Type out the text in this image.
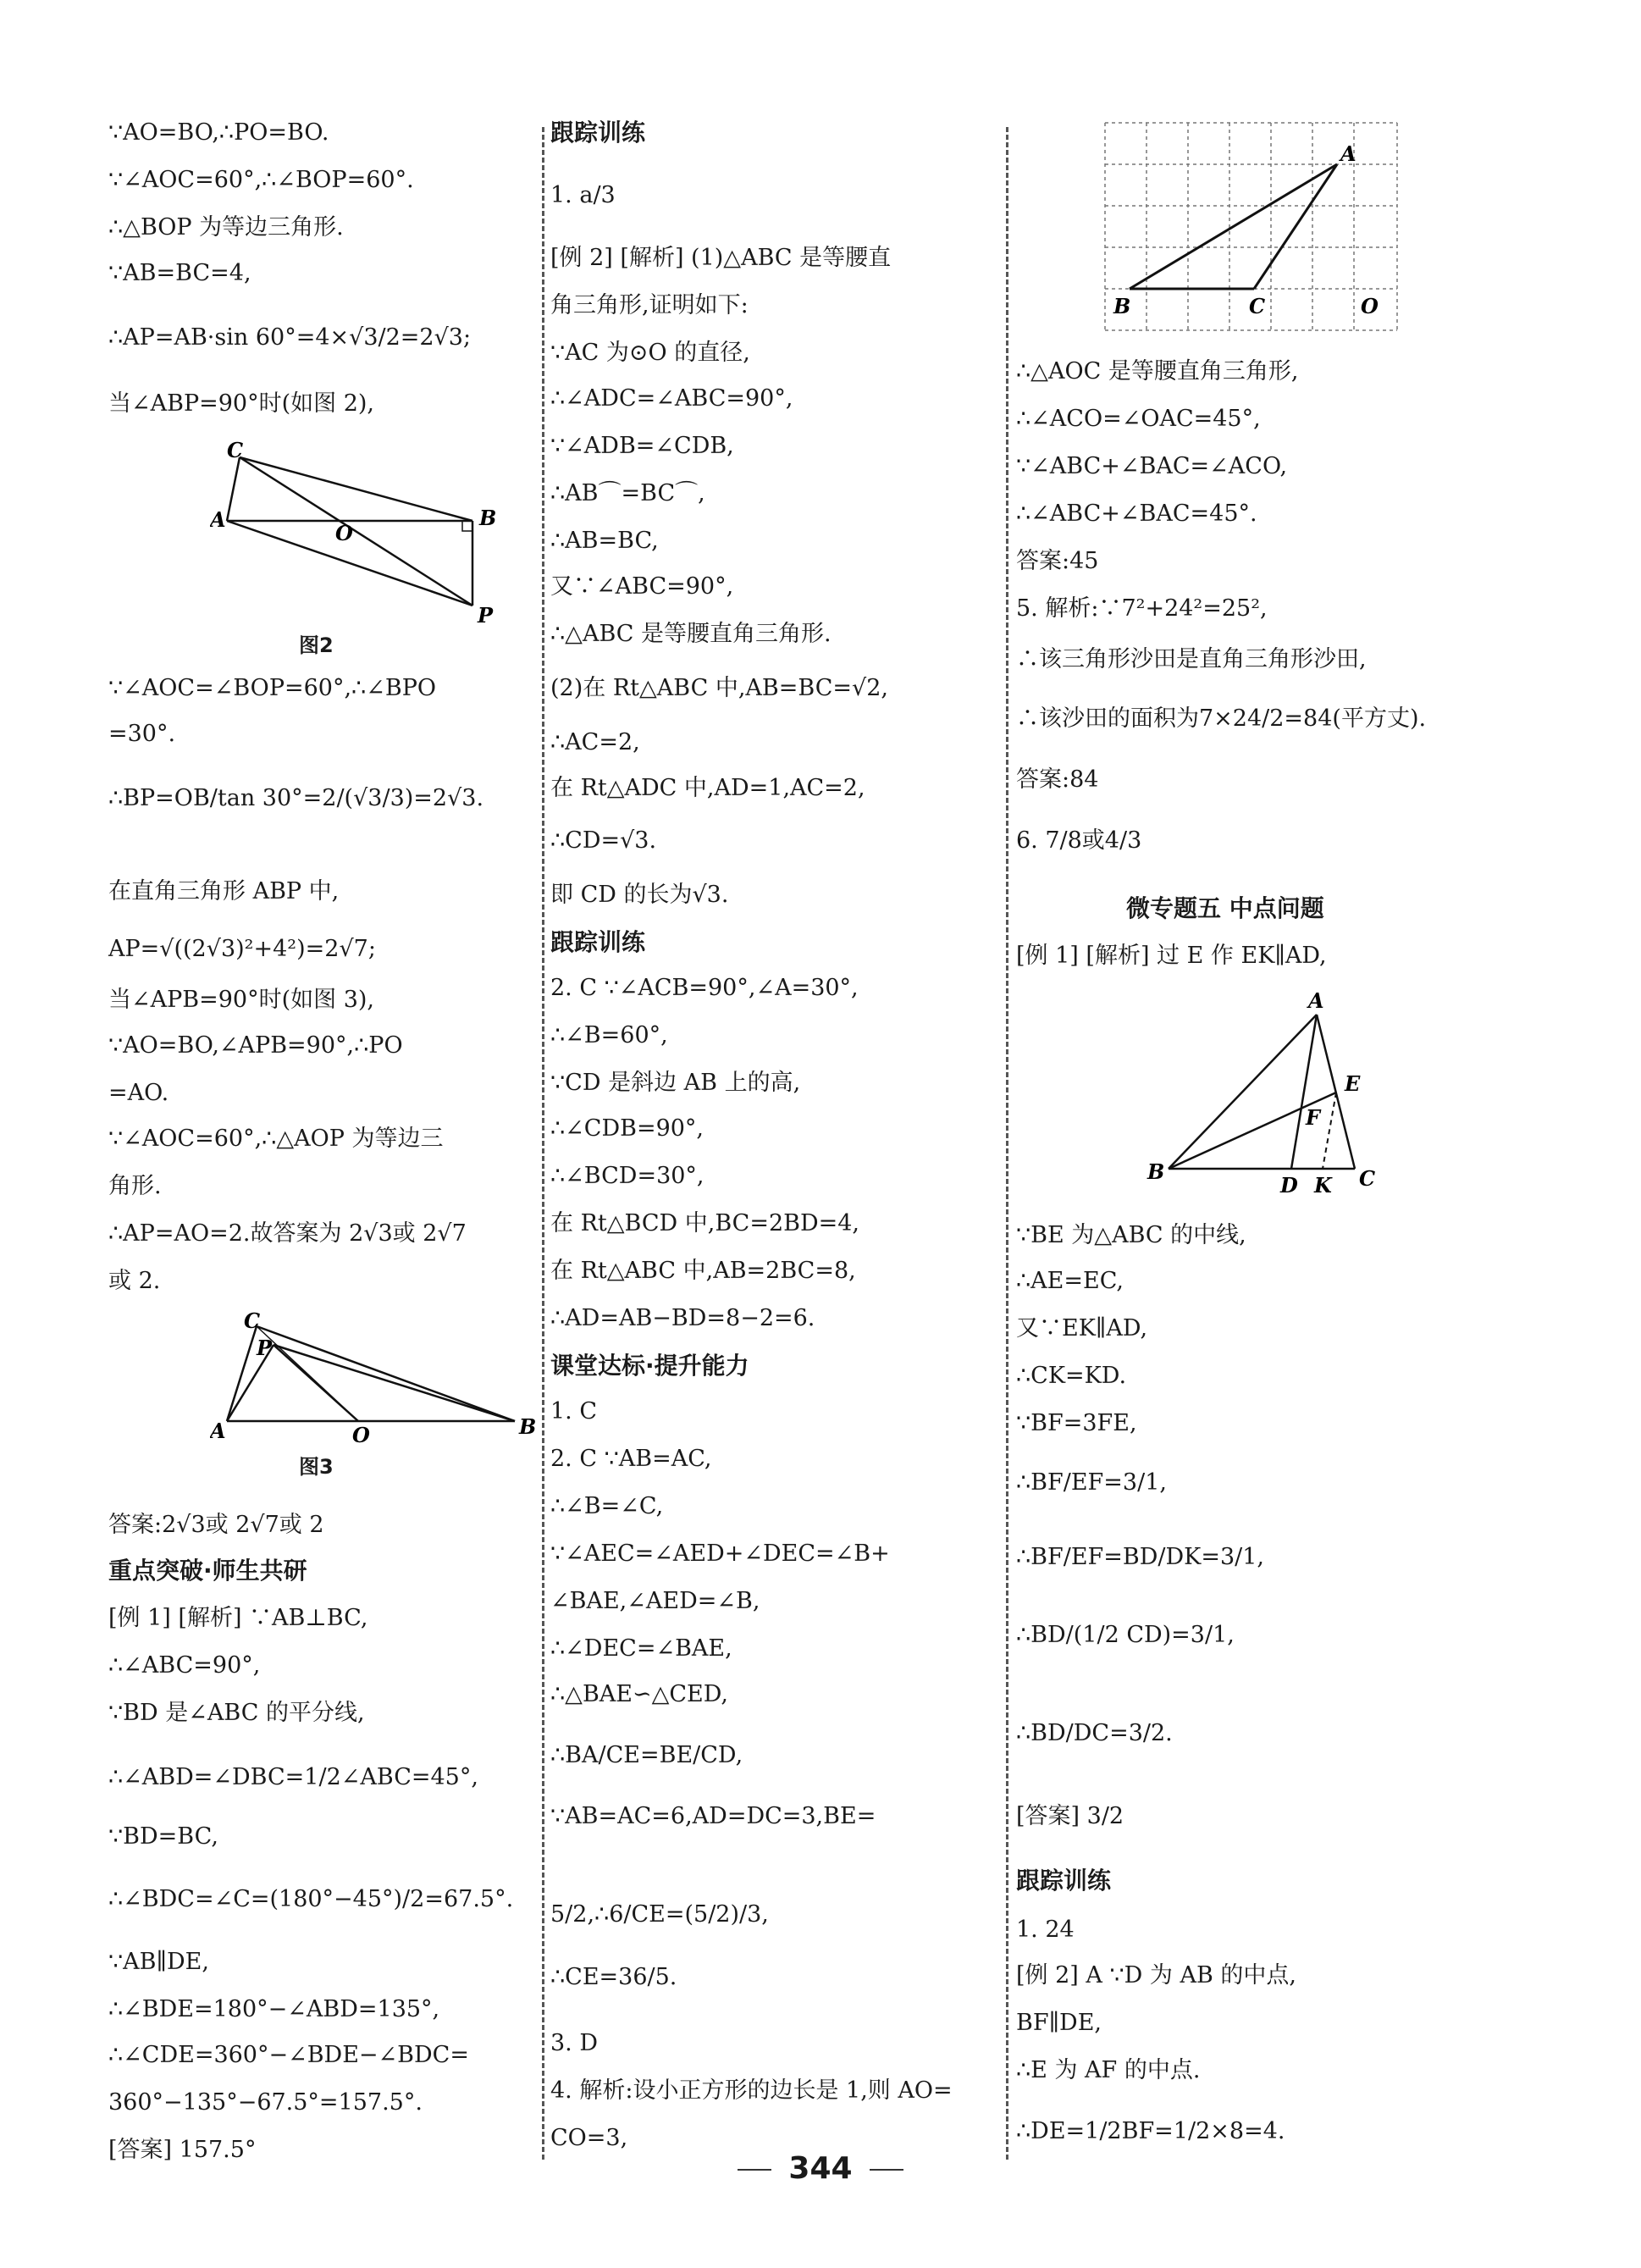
∵AO=BO,∴PO=BO.
∵∠AOC=60°,∴∠BOP=60°.
∴△BOP 为等边三角形.
∵AB=BC=4,
∴AP=AB·sin 60°=4×√3/2=2√3;
当∠ABP=90°时(如图 2),
C
A
O
B
P
图2
∵∠AOC=∠BOP=60°,∴∠BPO
=30°.
∴BP=OB/tan 30°=2/(√3/3)=2√3.
在直角三角形 ABP 中,
AP=√((2√3)²+4²)=2√7;
当∠APB=90°时(如图 3),
∵AO=BO,∠APB=90°,∴PO
=AO.
∵∠AOC=60°,∴△AOP 为等边三
角形.
∴AP=AO=2.故答案为 2√3或 2√7
或 2.
C
P
A	O	B
图3
答案:2√3或 2√7或 2
重点突破·师生共研
[例 1] [解析] ∵AB⊥BC,
∴∠ABC=90°,
∵BD 是∠ABC 的平分线,
∴∠ABD=∠DBC=1/2∠ABC=45°,
∵BD=BC,
∴∠BDC=∠C=(180°−45°)/2=67.5°.
∵AB∥DE,
∴∠BDE=180°−∠ABD=135°,
∴∠CDE=360°−∠BDE−∠BDC=
360°−135°−67.5°=157.5°.
[答案] 157.5°
跟踪训练
1. a/3
[例 2] [解析] (1)△ABC 是等腰直
角三角形,证明如下:
∵AC 为⊙O 的直径,
∴∠ADC=∠ABC=90°,
∵∠ADB=∠CDB,
∴AB⌒=BC⌒,
∴AB=BC,
又∵∠ABC=90°,
∴△ABC 是等腰直角三角形.
(2)在 Rt△ABC 中,AB=BC=√2,
∴AC=2,
在 Rt△ADC 中,AD=1,AC=2,
∴CD=√3.
即 CD 的长为√3.
跟踪训练
2. C ∵∠ACB=90°,∠A=30°,
∴∠B=60°,
∵CD 是斜边 AB 上的高,
∴∠CDB=90°,
∴∠BCD=30°,
在 Rt△BCD 中,BC=2BD=4,
在 Rt△ABC 中,AB=2BC=8,
∴AD=AB−BD=8−2=6.
课堂达标·提升能力
1. C
2. C ∵AB=AC,
∴∠B=∠C,
∵∠AEC=∠AED+∠DEC=∠B+
∠BAE,∠AED=∠B,
∴∠DEC=∠BAE,
∴△BAE∽△CED,
∴BA/CE=BE/CD,
∵AB=AC=6,AD=DC=3,BE=
5/2,∴6/CE=(5/2)/3,
∴CE=36/5.
3. D
4. 解析:设小正方形的边长是 1,则 AO=
CO=3,
A
B	C	O
∴△AOC 是等腰直角三角形,
∴∠ACO=∠OAC=45°,
∵∠ABC+∠BAC=∠ACO,
∴∠ABC+∠BAC=45°.
答案:45
5. 解析:∵7²+24²=25²,
∴该三角形沙田是直角三角形沙田,
∴该沙田的面积为7×24/2=84(平方丈).
答案:84
6. 7/8或4/3
微专题五 中点问题
[例 1] [解析] 过 E 作 EK∥AD,
A
E
F
B
D K C
∵BE 为△ABC 的中线,
∴AE=EC,
又∵EK∥AD,
∴CK=KD.
∵BF=3FE,
∴BF/EF=3/1,
∴BF/EF=BD/DK=3/1,
∴BD/(1/2 CD)=3/1,
∴BD/DC=3/2.
[答案] 3/2
跟踪训练
1. 24
[例 2] A ∵D 为 AB 的中点,
BF∥DE,
∴E 为 AF 的中点.
∴DE=1/2BF=1/2×8=4.
344
